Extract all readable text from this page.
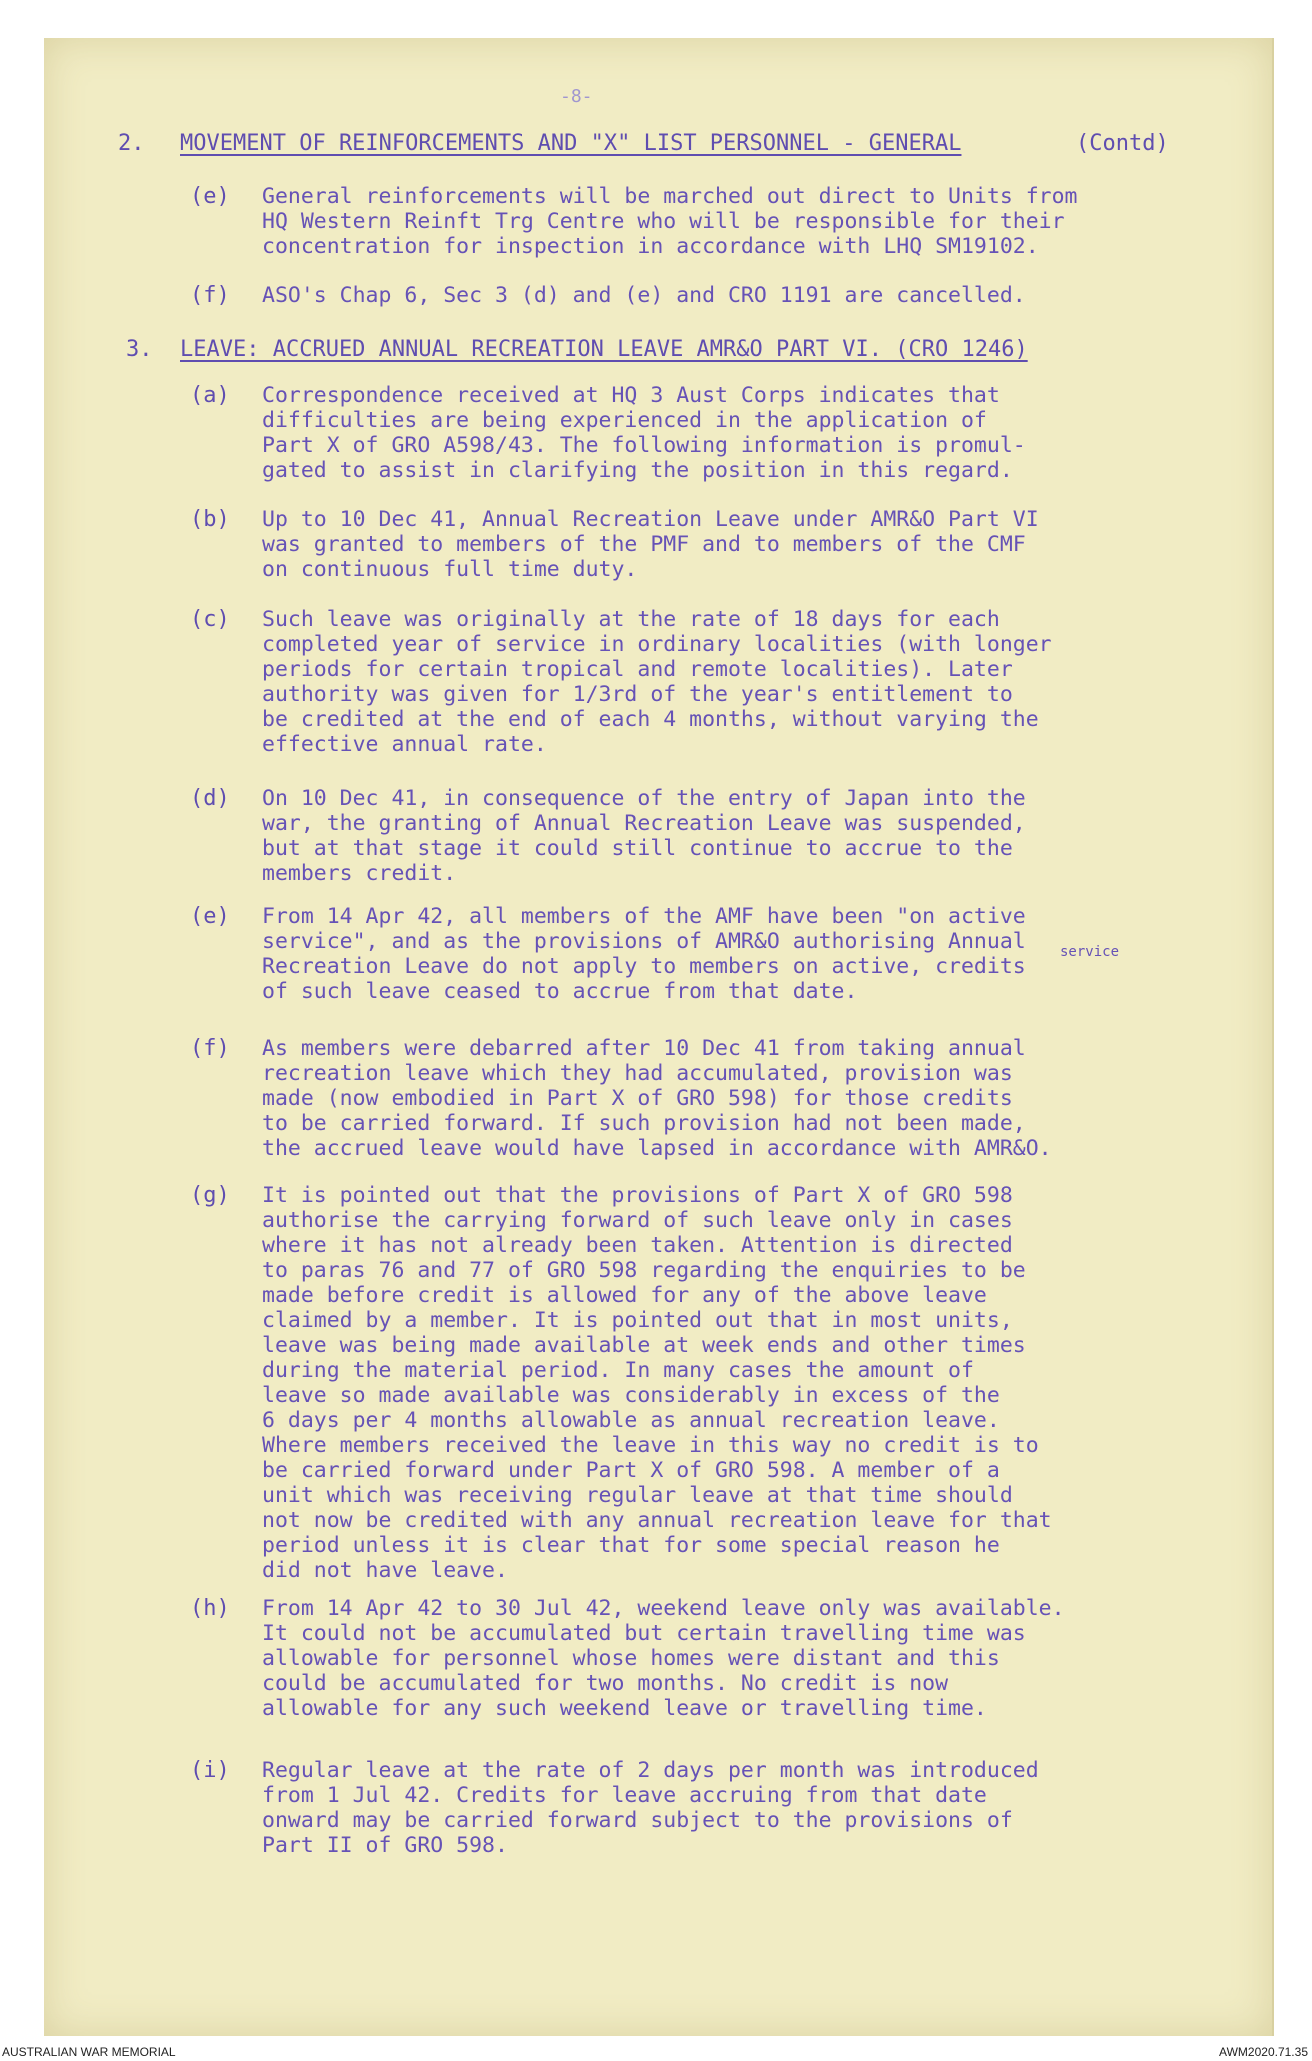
-8-
2. MOVEMENT OF REINFORCEMENTS AND "X" LIST PERSONNEL - GENERAL	(Contd)
(e) General reinforcements will be marched out direct to Units from
HQ Western Reinft Trg Centre who will be responsible for their
concentration for inspection in accordance with LHQ SM19102.
(f) ASO's Chap 6, Sec 3 (d) and (e) and CRO 1191 are cancelled.
3. LEAVE: ACCRUED ANNUAL RECREATION LEAVE AMR&O PART VI. (CRO 1246)
(a) Correspondence received at HQ 3 Aust Corps indicates that
difficulties are being experienced in the application of
Part X of GRO A598/43. The following information is promul-
gated to assist in clarifying the position in this regard.
(b) Up to 10 Dec 41, Annual Recreation Leave under AMR&O Part VI
was granted to members of the PMF and to members of the CMF
on continuous full time duty.
(c) Such leave was originally at the rate of 18 days for each
completed year of service in ordinary localities (with longer
periods for certain tropical and remote localities). Later
authority was given for 1/3rd of the year's entitlement to
be credited at the end of each 4 months, without varying the
effective annual rate.
(d) On 10 Dec 41, in consequence of the entry of Japan into the
war, the granting of Annual Recreation Leave was suspended,
but at that stage it could still continue to accrue to the
members credit.
(e) From 14 Apr 42, all members of the AMF have been "on active
service", and as the provisions of AMR&O authorising Annual
Recreation Leave do not apply to members on active, credits
of such leave ceased to accrue from that date.
service
(f) As members were debarred after 10 Dec 41 from taking annual
recreation leave which they had accumulated, provision was
made (now embodied in Part X of GRO 598) for those credits
to be carried forward. If such provision had not been made,
the accrued leave would have lapsed in accordance with AMR&O.
(g) It is pointed out that the provisions of Part X of GRO 598
authorise the carrying forward of such leave only in cases
where it has not already been taken. Attention is directed
to paras 76 and 77 of GRO 598 regarding the enquiries to be
made before credit is allowed for any of the above leave
claimed by a member. It is pointed out that in most units,
leave was being made available at week ends and other times
during the material period. In many cases the amount of
leave so made available was considerably in excess of the
6 days per 4 months allowable as annual recreation leave.
Where members received the leave in this way no credit is to
be carried forward under Part X of GRO 598. A member of a
unit which was receiving regular leave at that time should
not now be credited with any annual recreation leave for that
period unless it is clear that for some special reason he
did not have leave.
(h) From 14 Apr 42 to 30 Jul 42, weekend leave only was available.
It could not be accumulated but certain travelling time was
allowable for personnel whose homes were distant and this
could be accumulated for two months. No credit is now
allowable for any such weekend leave or travelling time.
(i) Regular leave at the rate of 2 days per month was introduced
from 1 Jul 42. Credits for leave accruing from that date
onward may be carried forward subject to the provisions of
Part II of GRO 598.
AUSTRALIAN WAR MEMORIAL	AWM2020.71.35
